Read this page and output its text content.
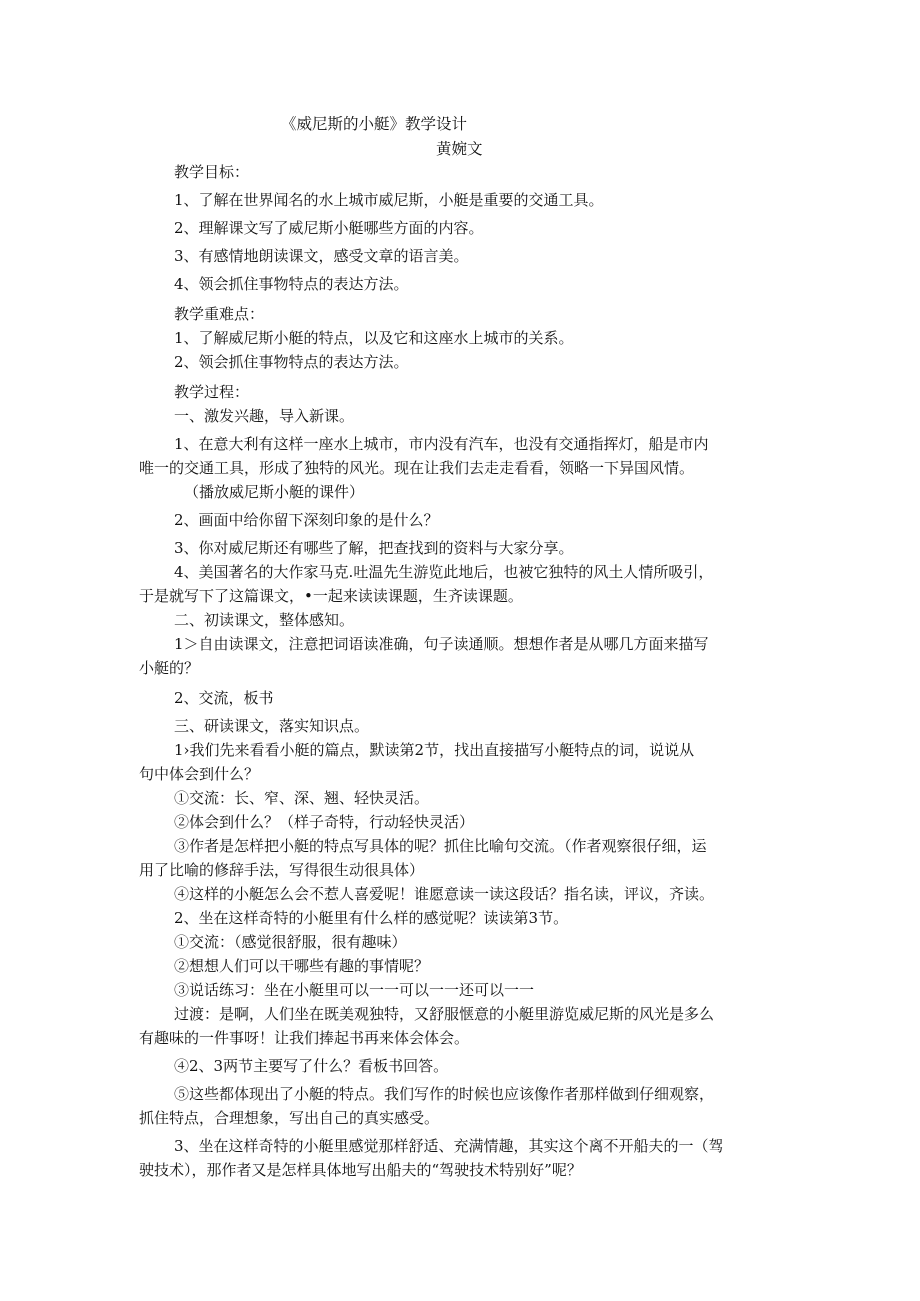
《威尼斯的小艇》教学设计
黄婉文

教学目标：

1、了解在世界闻名的水上城市威尼斯，小艇是重要的交通工具。

2、理解课文写了威尼斯小艇哪些方面的内容。

3、有感情地朗读课文，感受文章的语言美。

4、领会抓住事物特点的表达方法。

教学重难点：

1、了解威尼斯小艇的特点，以及它和这座水上城市的关系。

2、领会抓住事物特点的表达方法。

教学过程：

一、激发兴趣，导入新课。

1、在意大利有这样一座水上城市，市内没有汽车，也没有交通指挥灯，船是市内

唯一的交通工具，形成了独特的风光。现在让我们去走走看看，领略一下异国风情。

（播放威尼斯小艇的课件）

2、画面中给你留下深刻印象的是什么？

3、你对威尼斯还有哪些了解，把查找到的资料与大家分享。

4、美国著名的大作家马克.吐温先生游览此地后，也被它独特的风土人情所吸引，

于是就写下了这篇课文，•一起来读读课题，生齐读课题。

二、初读课文，整体感知。

1＞自由读课文，注意把词语读准确，句子读通顺。想想作者是从哪几方面来描写

小艇的？

2、交流，板书

三、研读课文，落实知识点。

1›我们先来看看小艇的篇点，默读第2节，找出直接描写小艇特点的词，说说从

句中体会到什么？

①交流：长、窄、深、翘、轻快灵活。

②体会到什么？（样子奇特，行动轻快灵活）

③作者是怎样把小艇的特点写具体的呢？抓住比喻句交流。（作者观察很仔细，运

用了比喻的修辞手法，写得很生动很具体）

④这样的小艇怎么会不惹人喜爱呢！谁愿意读一读这段话？指名读，评议，齐读。

2、坐在这样奇特的小艇里有什么样的感觉呢？读读第3节。

①交流：（感觉很舒服，很有趣味）

②想想人们可以干哪些有趣的事情呢？

③说话练习：坐在小艇里可以一一可以一一还可以一一

过渡：是啊，人们坐在既美观独特，又舒服惬意的小艇里游览威尼斯的风光是多么

有趣味的一件事呀！让我们捧起书再来体会体会。

④2、3两节主要写了什么？看板书回答。

⑤这些都体现出了小艇的特点。我们写作的时候也应该像作者那样做到仔细观察，

抓住特点，合理想象，写出自己的真实感受。

3、坐在这样奇特的小艇里感觉那样舒适、充满情趣，其实这个离不开船夫的一（驾

驶技术），那作者又是怎样具体地写出船夫的“驾驶技术特别好”呢？
